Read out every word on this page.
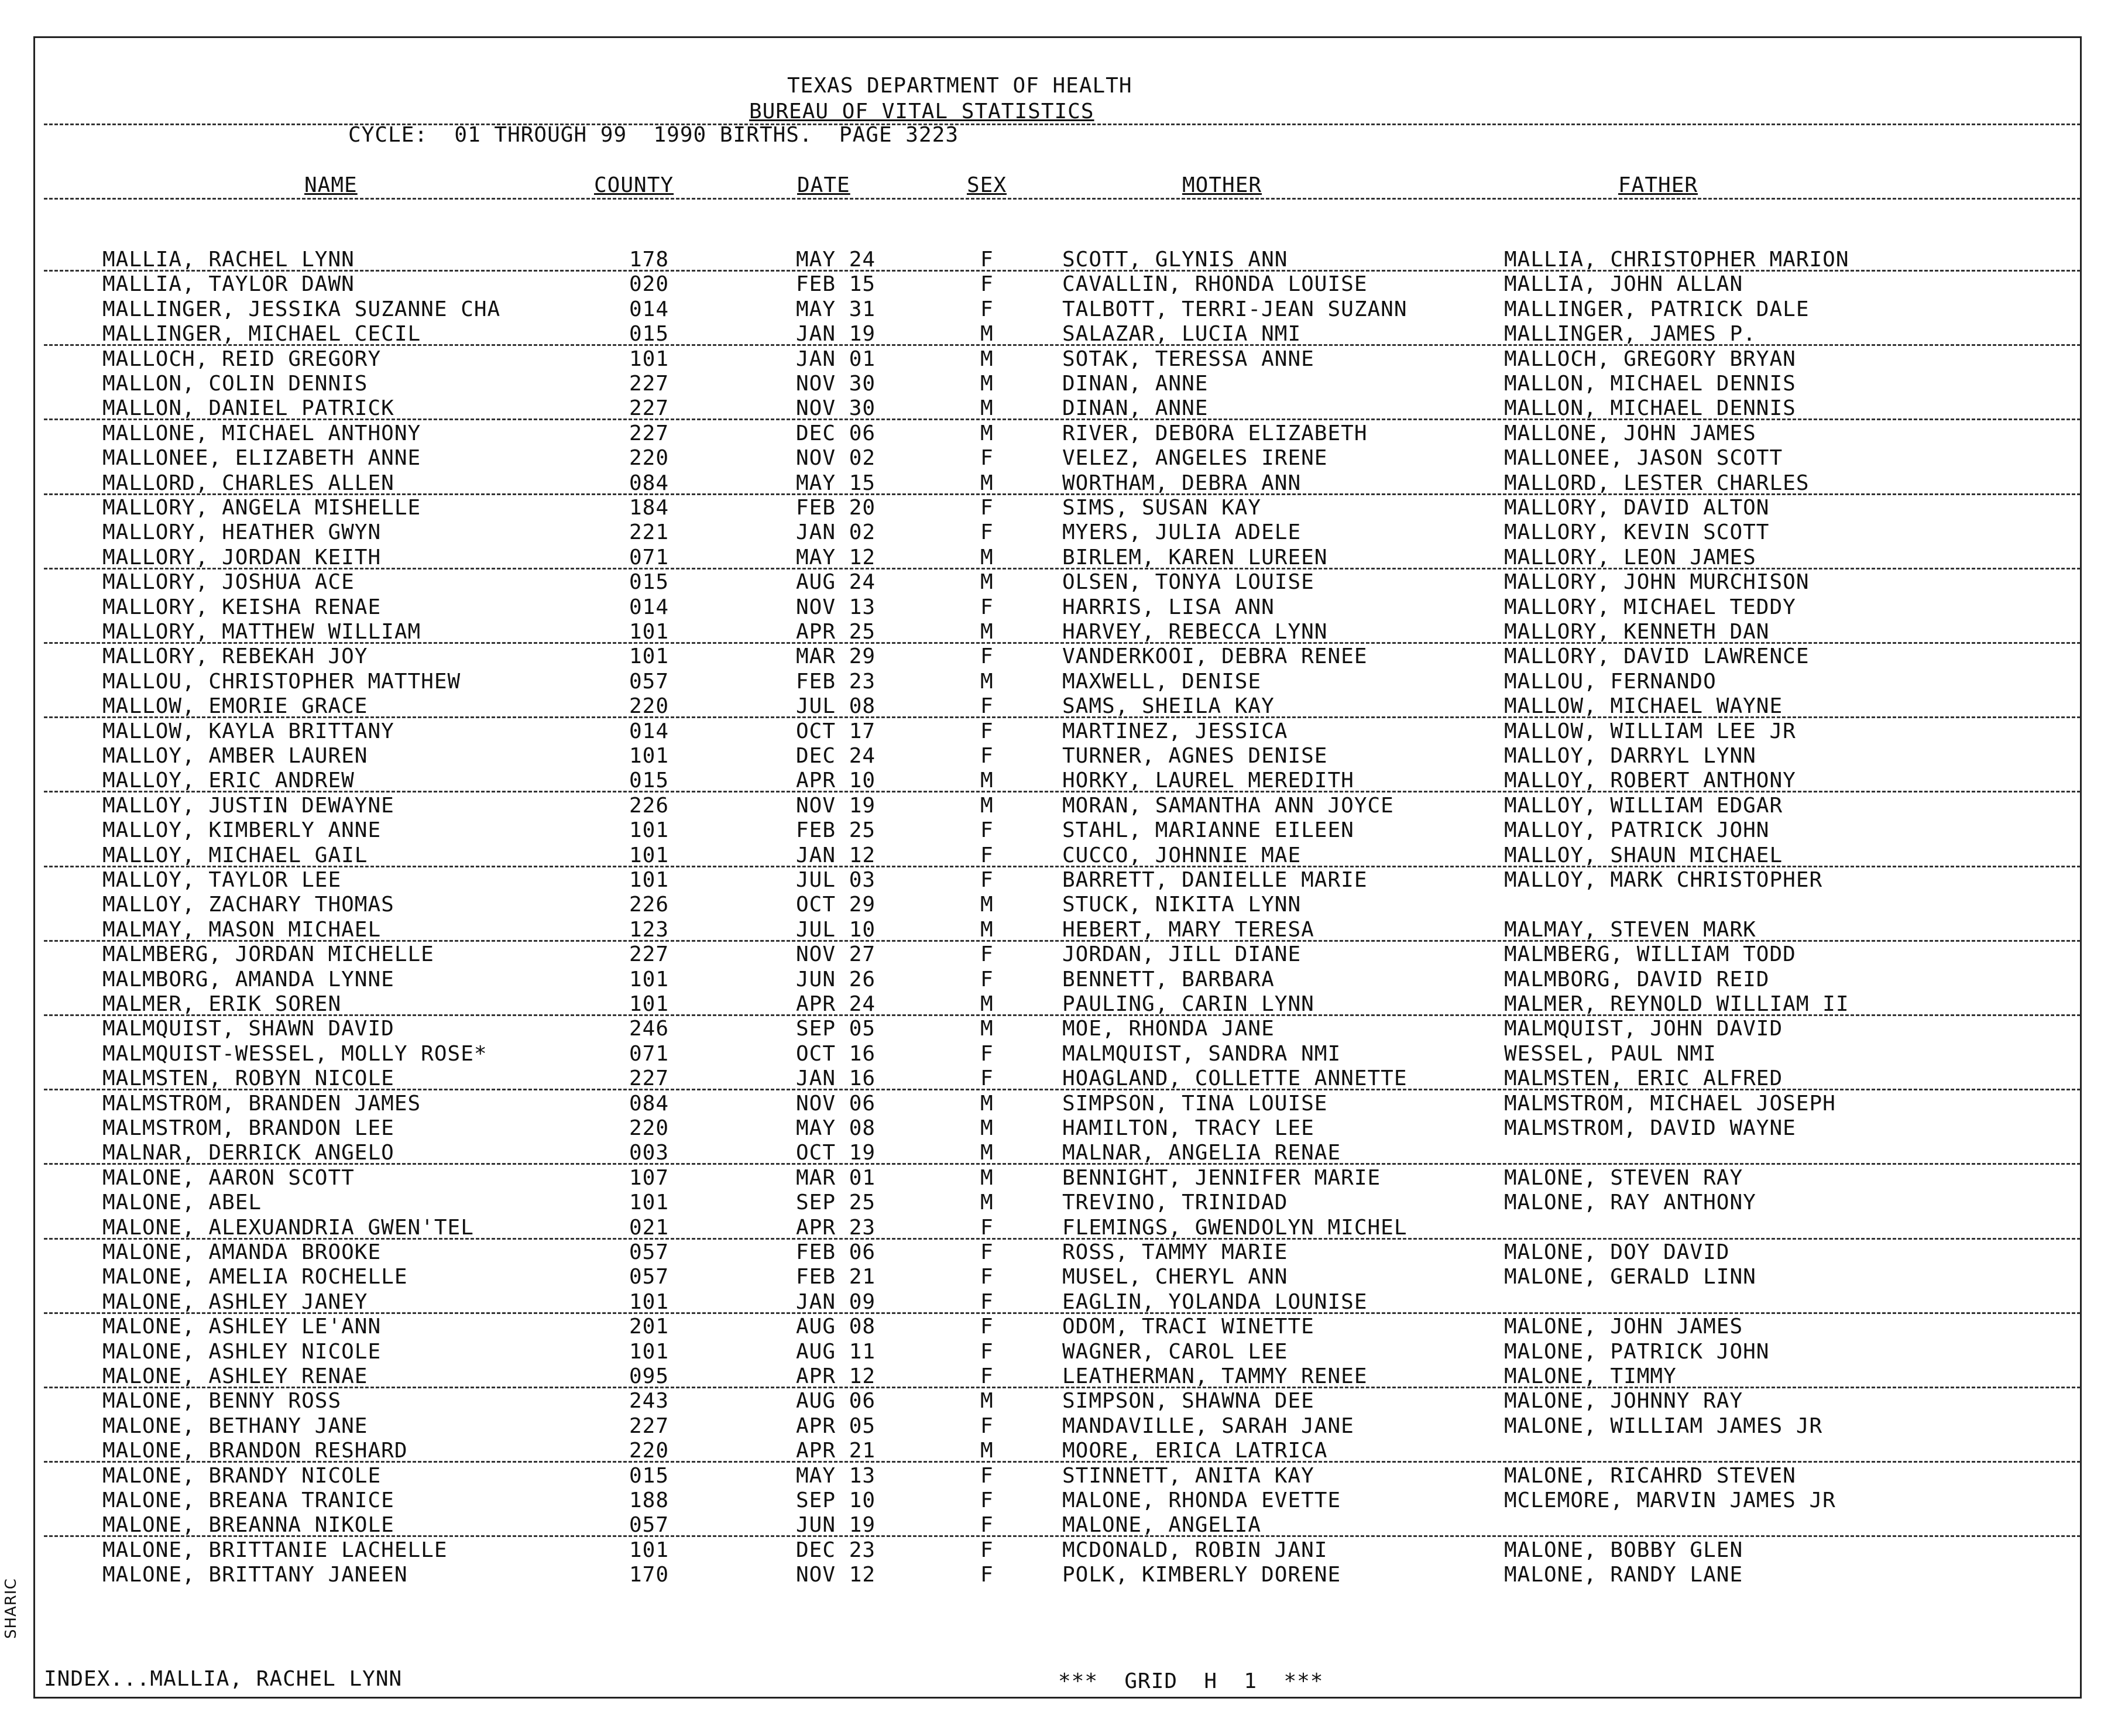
TEXAS DEPARTMENT OF HEALTH
BUREAU OF VITAL STATISTICS
CYCLE:  01 THROUGH 99  1990 BIRTHS.  PAGE 3223
NAME	COUNTY	DATE	SEX	MOTHER	FATHER
MALLIA, RACHEL LYNN	178	MAY 24	F	SCOTT, GLYNIS ANN	MALLIA, CHRISTOPHER MARION
MALLIA, TAYLOR DAWN	020	FEB 15	F	CAVALLIN, RHONDA LOUISE	MALLIA, JOHN ALLAN
MALLINGER, JESSIKA SUZANNE CHA	014	MAY 31	F	TALBOTT, TERRI-JEAN SUZANN	MALLINGER, PATRICK DALE
MALLINGER, MICHAEL CECIL	015	JAN 19	M	SALAZAR, LUCIA NMI	MALLINGER, JAMES P.
MALLOCH, REID GREGORY	101	JAN 01	M	SOTAK, TERESSA ANNE	MALLOCH, GREGORY BRYAN
MALLON, COLIN DENNIS	227	NOV 30	M	DINAN, ANNE	MALLON, MICHAEL DENNIS
MALLON, DANIEL PATRICK	227	NOV 30	M	DINAN, ANNE	MALLON, MICHAEL DENNIS
MALLONE, MICHAEL ANTHONY	227	DEC 06	M	RIVER, DEBORA ELIZABETH	MALLONE, JOHN JAMES
MALLONEE, ELIZABETH ANNE	220	NOV 02	F	VELEZ, ANGELES IRENE	MALLONEE, JASON SCOTT
MALLORD, CHARLES ALLEN	084	MAY 15	M	WORTHAM, DEBRA ANN	MALLORD, LESTER CHARLES
MALLORY, ANGELA MISHELLE	184	FEB 20	F	SIMS, SUSAN KAY	MALLORY, DAVID ALTON
MALLORY, HEATHER GWYN	221	JAN 02	F	MYERS, JULIA ADELE	MALLORY, KEVIN SCOTT
MALLORY, JORDAN KEITH	071	MAY 12	M	BIRLEM, KAREN LUREEN	MALLORY, LEON JAMES
MALLORY, JOSHUA ACE	015	AUG 24	M	OLSEN, TONYA LOUISE	MALLORY, JOHN MURCHISON
MALLORY, KEISHA RENAE	014	NOV 13	F	HARRIS, LISA ANN	MALLORY, MICHAEL TEDDY
MALLORY, MATTHEW WILLIAM	101	APR 25	M	HARVEY, REBECCA LYNN	MALLORY, KENNETH DAN
MALLORY, REBEKAH JOY	101	MAR 29	F	VANDERKOOI, DEBRA RENEE	MALLORY, DAVID LAWRENCE
MALLOU, CHRISTOPHER MATTHEW	057	FEB 23	M	MAXWELL, DENISE	MALLOU, FERNANDO
MALLOW, EMORIE GRACE	220	JUL 08	F	SAMS, SHEILA KAY	MALLOW, MICHAEL WAYNE
MALLOW, KAYLA BRITTANY	014	OCT 17	F	MARTINEZ, JESSICA	MALLOW, WILLIAM LEE JR
MALLOY, AMBER LAUREN	101	DEC 24	F	TURNER, AGNES DENISE	MALLOY, DARRYL LYNN
MALLOY, ERIC ANDREW	015	APR 10	M	HORKY, LAUREL MEREDITH	MALLOY, ROBERT ANTHONY
MALLOY, JUSTIN DEWAYNE	226	NOV 19	M	MORAN, SAMANTHA ANN JOYCE	MALLOY, WILLIAM EDGAR
MALLOY, KIMBERLY ANNE	101	FEB 25	F	STAHL, MARIANNE EILEEN	MALLOY, PATRICK JOHN
MALLOY, MICHAEL GAIL	101	JAN 12	F	CUCCO, JOHNNIE MAE	MALLOY, SHAUN MICHAEL
MALLOY, TAYLOR LEE	101	JUL 03	F	BARRETT, DANIELLE MARIE	MALLOY, MARK CHRISTOPHER
MALLOY, ZACHARY THOMAS	226	OCT 29	M	STUCK, NIKITA LYNN
MALMAY, MASON MICHAEL	123	JUL 10	M	HEBERT, MARY TERESA	MALMAY, STEVEN MARK
MALMBERG, JORDAN MICHELLE	227	NOV 27	F	JORDAN, JILL DIANE	MALMBERG, WILLIAM TODD
MALMBORG, AMANDA LYNNE	101	JUN 26	F	BENNETT, BARBARA	MALMBORG, DAVID REID
MALMER, ERIK SOREN	101	APR 24	M	PAULING, CARIN LYNN	MALMER, REYNOLD WILLIAM II
MALMQUIST, SHAWN DAVID	246	SEP 05	M	MOE, RHONDA JANE	MALMQUIST, JOHN DAVID
MALMQUIST-WESSEL, MOLLY ROSE*	071	OCT 16	F	MALMQUIST, SANDRA NMI	WESSEL, PAUL NMI
MALMSTEN, ROBYN NICOLE	227	JAN 16	F	HOAGLAND, COLLETTE ANNETTE	MALMSTEN, ERIC ALFRED
MALMSTROM, BRANDEN JAMES	084	NOV 06	M	SIMPSON, TINA LOUISE	MALMSTROM, MICHAEL JOSEPH
MALMSTROM, BRANDON LEE	220	MAY 08	M	HAMILTON, TRACY LEE	MALMSTROM, DAVID WAYNE
MALNAR, DERRICK ANGELO	003	OCT 19	M	MALNAR, ANGELIA RENAE
MALONE, AARON SCOTT	107	MAR 01	M	BENNIGHT, JENNIFER MARIE	MALONE, STEVEN RAY
MALONE, ABEL	101	SEP 25	M	TREVINO, TRINIDAD	MALONE, RAY ANTHONY
MALONE, ALEXUANDRIA GWEN'TEL	021	APR 23	F	FLEMINGS, GWENDOLYN MICHEL
MALONE, AMANDA BROOKE	057	FEB 06	F	ROSS, TAMMY MARIE	MALONE, DOY DAVID
MALONE, AMELIA ROCHELLE	057	FEB 21	F	MUSEL, CHERYL ANN	MALONE, GERALD LINN
MALONE, ASHLEY JANEY	101	JAN 09	F	EAGLIN, YOLANDA LOUNISE
MALONE, ASHLEY LE'ANN	201	AUG 08	F	ODOM, TRACI WINETTE	MALONE, JOHN JAMES
MALONE, ASHLEY NICOLE	101	AUG 11	F	WAGNER, CAROL LEE	MALONE, PATRICK JOHN
MALONE, ASHLEY RENAE	095	APR 12	F	LEATHERMAN, TAMMY RENEE	MALONE, TIMMY
MALONE, BENNY ROSS	243	AUG 06	M	SIMPSON, SHAWNA DEE	MALONE, JOHNNY RAY
MALONE, BETHANY JANE	227	APR 05	F	MANDAVILLE, SARAH JANE	MALONE, WILLIAM JAMES JR
MALONE, BRANDON RESHARD	220	APR 21	M	MOORE, ERICA LATRICA
MALONE, BRANDY NICOLE	015	MAY 13	F	STINNETT, ANITA KAY	MALONE, RICAHRD STEVEN
MALONE, BREANA TRANICE	188	SEP 10	F	MALONE, RHONDA EVETTE	MCLEMORE, MARVIN JAMES JR
MALONE, BREANNA NIKOLE	057	JUN 19	F	MALONE, ANGELIA
MALONE, BRITTANIE LACHELLE	101	DEC 23	F	MCDONALD, ROBIN JANI	MALONE, BOBBY GLEN
MALONE, BRITTANY JANEEN	170	NOV 12	F	POLK, KIMBERLY DORENE	MALONE, RANDY LANE
INDEX...MALLIA, RACHEL LYNN	***  GRID  H  1  ***
SHARIC
